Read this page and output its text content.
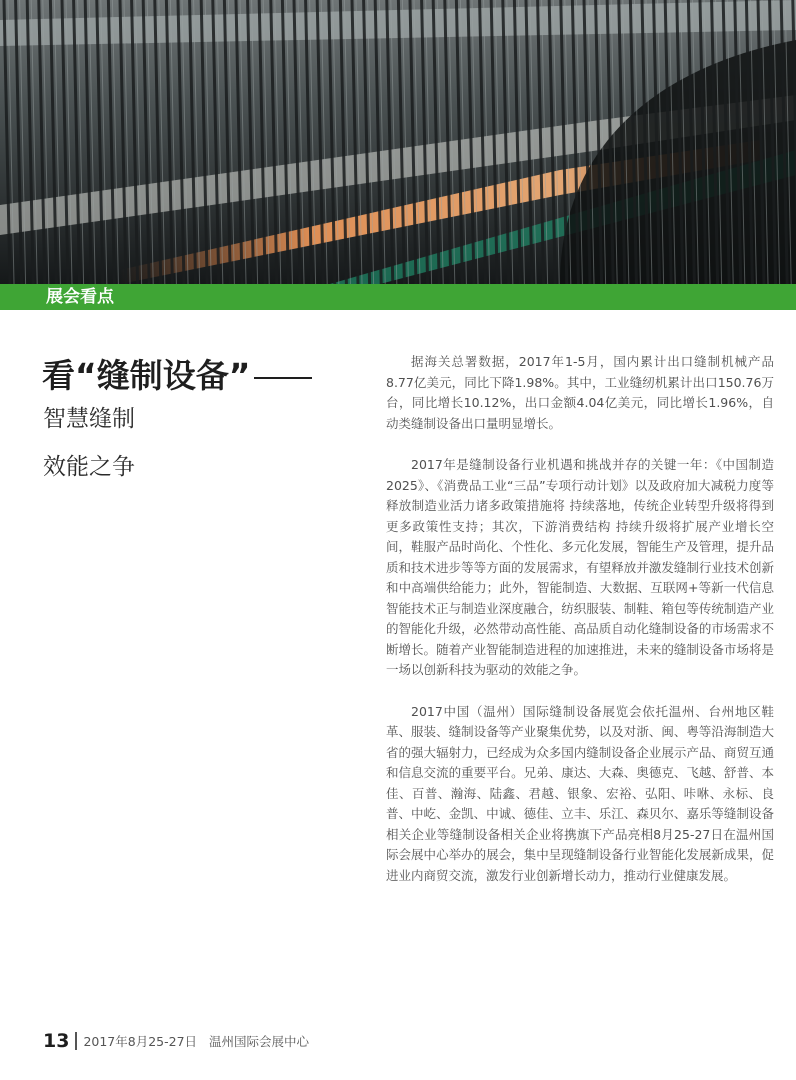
展会看点
看“缝制设备”
智慧缝制
效能之争

据海关总署数据，2017年1-5月，国内累计出口缝制机械产品8.77亿美元，同比下降1.98%。其中，工业缝纫机累计出口150.76万台，同比增长10.12%，出口金额4.04亿美元，同比增长1.96%，自动类缝制设备出口量明显增长。

2017年是缝制设备行业机遇和挑战并存的关键一年：《中国制造2025》、《消费品工业“三品”专项行动计划》以及政府加大减税力度等释放制造业活力诸多政策措施将 持续落地，传统企业转型升级将得到更多政策性支持；其次，下游消费结构 持续升级将扩展产业增长空间，鞋服产品时尚化、个性化、多元化发展，智能生产及管理，提升品质和技术进步等等方面的发展需求，有望释放并激发缝制行业技术创新和中高端供给能力；此外，智能制造、大数据、互联网+等新一代信息智能技术正与制造业深度融合，纺织服装、制鞋、箱包等传统制造产业的智能化升级，必然带动高性能、高品质自动化缝制设备的市场需求不断增长。随着产业智能制造进程的加速推进，未来的缝制设备市场将是一场以创新科技为驱动的效能之争。

2017中国（温州）国际缝制设备展览会依托温州、台州地区鞋革、服装、缝制设备等产业聚集优势，以及对浙、闽、粤等沿海制造大省的强大辐射力，已经成为众多国内缝制设备企业展示产品、商贸互通和信息交流的重要平台。兄弟、康达、大森、奥德克、飞越、舒普、本佳、百普、瀚海、陆鑫、君越、银象、宏裕、弘阳、咔咻、永标、良普、中屹、金凯、中诚、德佳、立丰、乐江、森贝尔、嘉乐等缝制设备相关企业等缝制设备相关企业将携旗下产品亮相8月25-27日在温州国际会展中心举办的展会，集中呈现缝制设备行业智能化发展新成果，促进业内商贸交流，激发行业创新增长动力，推动行业健康发展。

13 2017年8月25-27日 温州国际会展中心
